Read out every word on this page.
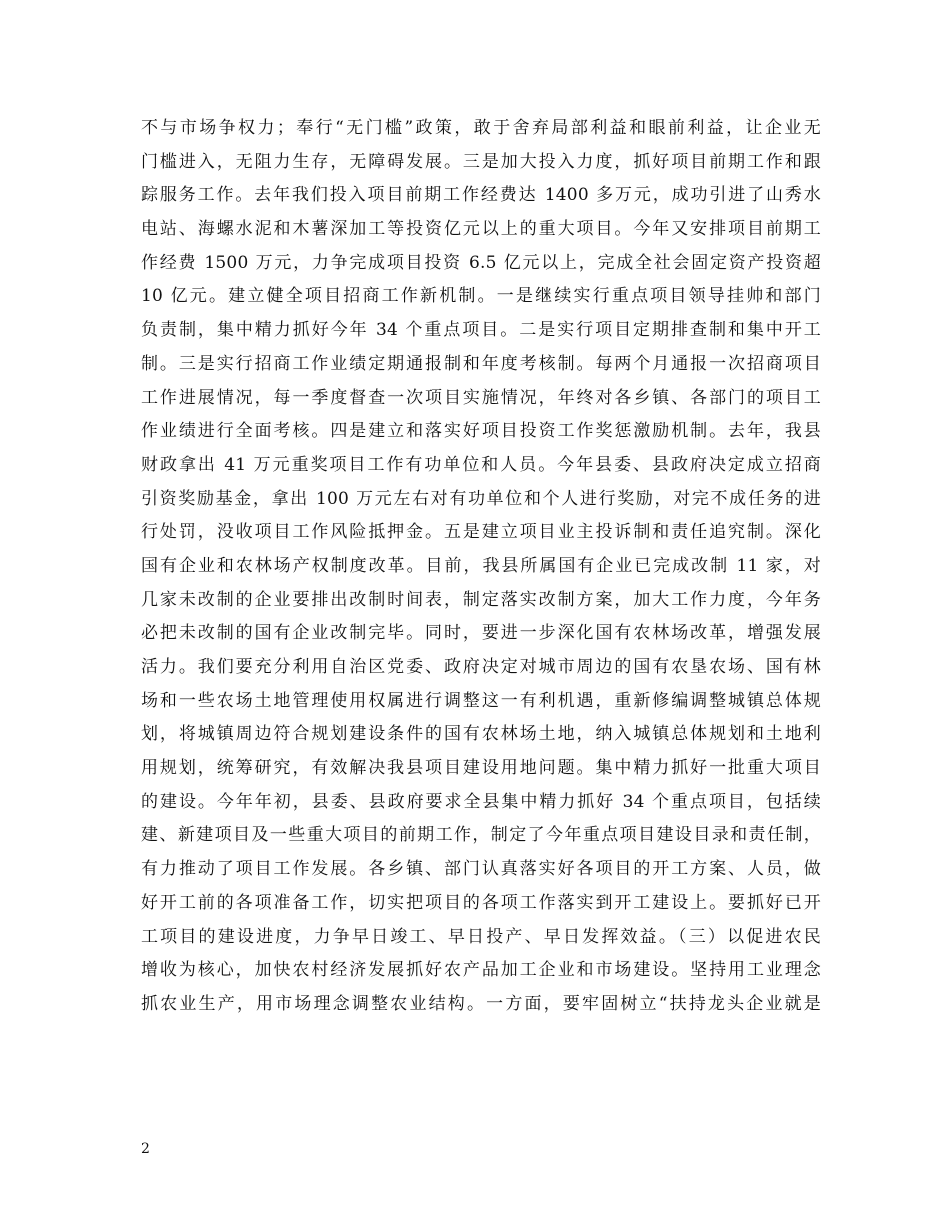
不与市场争权力；奉行“无门槛”政策，敢于舍弃局部利益和眼前利益，让企业无
门槛进入，无阻力生存，无障碍发展。三是加大投入力度，抓好项目前期工作和跟
踪服务工作。去年我们投入项目前期工作经费达 1400 多万元，成功引进了山秀水
电站、海螺水泥和木薯深加工等投资亿元以上的重大项目。今年又安排项目前期工
作经费 1500 万元，力争完成项目投资 6.5 亿元以上，完成全社会固定资产投资超
10 亿元。建立健全项目招商工作新机制。一是继续实行重点项目领导挂帅和部门
负责制，集中精力抓好今年 34 个重点项目。二是实行项目定期排查制和集中开工
制。三是实行招商工作业绩定期通报制和年度考核制。每两个月通报一次招商项目
工作进展情况，每一季度督查一次项目实施情况，年终对各乡镇、各部门的项目工
作业绩进行全面考核。四是建立和落实好项目投资工作奖惩激励机制。去年，我县
财政拿出 41 万元重奖项目工作有功单位和人员。今年县委、县政府决定成立招商
引资奖励基金，拿出 100 万元左右对有功单位和个人进行奖励，对完不成任务的进
行处罚，没收项目工作风险抵押金。五是建立项目业主投诉制和责任追究制。深化
国有企业和农林场产权制度改革。目前，我县所属国有企业已完成改制 11 家，对
几家未改制的企业要排出改制时间表，制定落实改制方案，加大工作力度，今年务
必把未改制的国有企业改制完毕。同时，要进一步深化国有农林场改革，增强发展
活力。我们要充分利用自治区党委、政府决定对城市周边的国有农垦农场、国有林
场和一些农场土地管理使用权属进行调整这一有利机遇，重新修编调整城镇总体规
划，将城镇周边符合规划建设条件的国有农林场土地，纳入城镇总体规划和土地利
用规划，统筹研究，有效解决我县项目建设用地问题。集中精力抓好一批重大项目
的建设。今年年初，县委、县政府要求全县集中精力抓好 34 个重点项目，包括续
建、新建项目及一些重大项目的前期工作，制定了今年重点项目建设目录和责任制，
有力推动了项目工作发展。各乡镇、部门认真落实好各项目的开工方案、人员，做
好开工前的各项准备工作，切实把项目的各项工作落实到开工建设上。要抓好已开
工项目的建设进度，力争早日竣工、早日投产、早日发挥效益。（三）以促进农民
增收为核心，加快农村经济发展抓好农产品加工企业和市场建设。坚持用工业理念
抓农业生产，用市场理念调整农业结构。一方面，要牢固树立“扶持龙头企业就是
2
